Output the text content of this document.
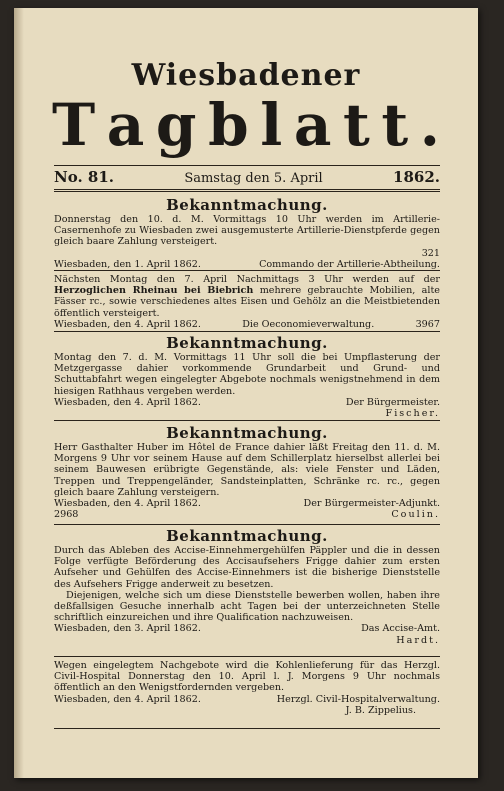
Wiesbadener
T a g b l a t t .
No. 81.	Samstag den 5. April	1862.
Bekanntmachung.

Donnerstag den 10. d. M. Vormittags 10 Uhr werden im Artillerie-Casernenhofe zu Wiesbaden zwei ausgemusterte Artillerie-Dienstpferde gegen gleich baare Zahlung versteigert.

321
Wiesbaden, den 1. April 1862.	Commando der Artillerie-Abtheilung.

Nächsten Montag den 7. April Nachmittags 3 Uhr werden auf der Herzoglichen Rheinau bei Biebrich mehrere gebrauchte Mobilien, alte Fässer rc., sowie verschiedenes altes Eisen und Gehölz an die Meistbietenden öffentlich versteigert.

Wiesbaden, den 4. April 1862.	Die Oeconomieverwaltung.	3967
Bekanntmachung.

Montag den 7. d. M. Vormittags 11 Uhr soll die bei Umpflasterung der Metzgergasse dahier vorkommende Grundarbeit und Grund- und Schuttabfahrt wegen eingelegter Abgebote nochmals wenigstnehmend in dem hiesigen Rathhaus vergeben werden.

Wiesbaden, den 4. April 1862.	Der Bürgermeister.
Fischer.
Bekanntmachung.

Herr Gasthalter Huber im Hôtel de France dahier läßt Freitag den 11. d. M. Morgens 9 Uhr vor seinem Hause auf dem Schillerplatz hierselbst allerlei bei seinem Bauwesen erübrigte Gegenstände, als: viele Fenster und Läden, Treppen und Treppengeländer, Sandsteinplatten, Schränke rc. rc., gegen gleich baare Zahlung versteigern.

Wiesbaden, den 4. April 1862.	Der Bürgermeister-Adjunkt.
2968	Coulin.
Bekanntmachung.

Durch das Ableben des Accise-Einnehmergehülfen Päppler und die in dessen Folge verfügte Beförderung des Accisaufsehers Frigge dahier zum ersten Aufseher und Gehülfen des Accise-Einnehmers ist die bisherige Dienststelle des Aufsehers Frigge anderweit zu besetzen.

Diejenigen, welche sich um diese Dienststelle bewerben wollen, haben ihre deßfallsigen Gesuche innerhalb acht Tagen bei der unterzeichneten Stelle schriftlich einzureichen und ihre Qualification nachzuweisen.

Wiesbaden, den 3. April 1862.	Das Accise-Amt.
Hardt.

Wegen eingelegtem Nachgebote wird die Kohlenlieferung für das Herzgl. Civil-Hospital Donnerstag den 10. April l. J. Morgens 9 Uhr nochmals öffentlich an den Wenigstfordernden vergeben.

Wiesbaden, den 4. April 1862.	Herzgl. Civil-Hospitalverwaltung.
J. B. Zippelius.
